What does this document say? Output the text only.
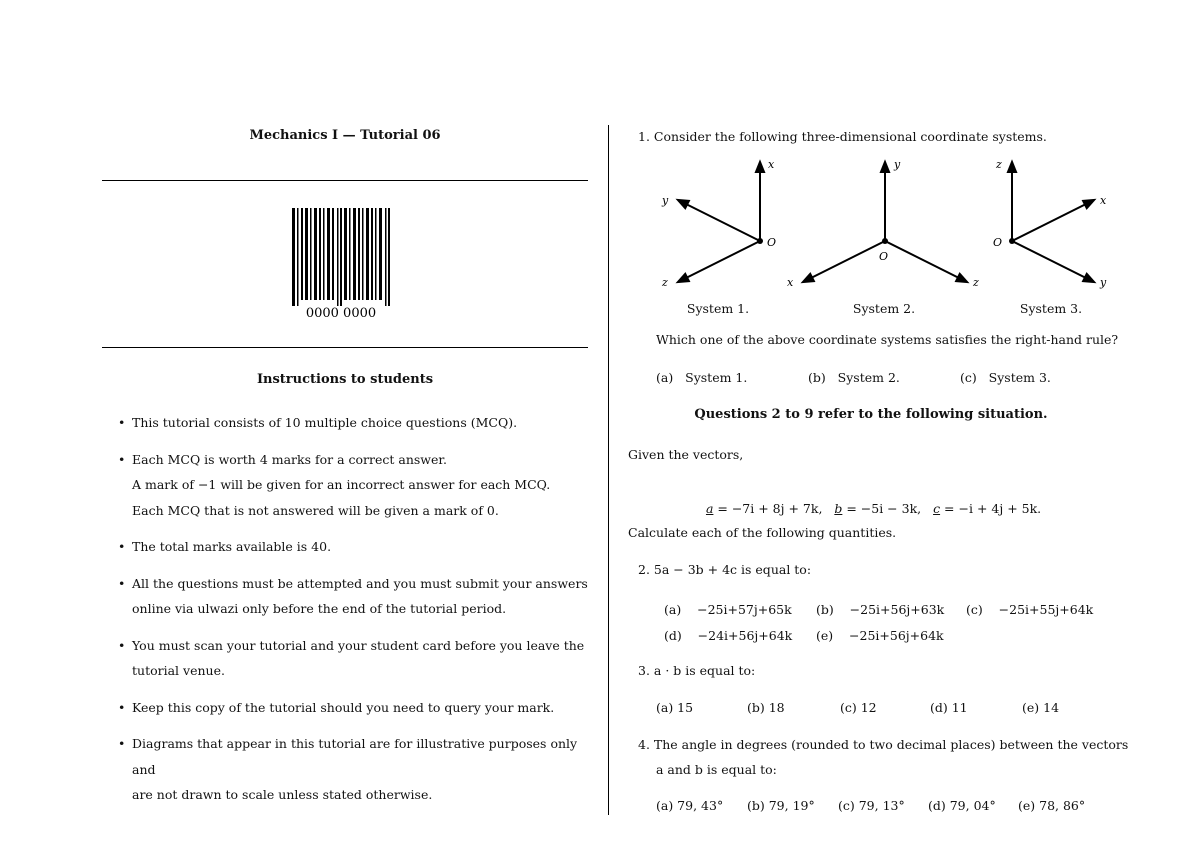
Mechanics I — Tutorial 06
0000 0000
Instructions to students
• This tutorial consists of 10 multiple choice questions (MCQ).
• Each MCQ is worth 4 marks for a correct answer.
A mark of −1 will be given for an incorrect answer for each MCQ.
Each MCQ that is not answered will be given a mark of 0.
• The total marks available is 40.
• All the questions must be attempted and you must submit your answers
online via ulwazi only before the end of the tutorial period.
• You must scan your tutorial and your student card before you leave the
tutorial venue.
• Keep this copy of the tutorial should you need to query your mark.
• Diagrams that appear in this tutorial are for illustrative purposes only and
are not drawn to scale unless stated otherwise.
1. Consider the following three-dimensional coordinate systems.
x
y
z
O
y
x	z
O
z
x
y
O
System 1.	System 2.	System 3.
Which one of the above coordinate systems satisfies the right-hand rule?
(a)   System 1.	(b)   System 2.	(c)   System 3.
Questions 2 to 9 refer to the following situation.
Given the vectors,

a = −7i + 8j + 7k, b = −5i − 3k, c = −i + 4j + 5k.

Calculate each of the following quantities.
2. 5a − 3b + 4c is equal to:
(a)    −25i+57j+65k (b)    −25i+56j+63k (c)    −25i+55j+64k
(d)    −24i+56j+64k (e)    −25i+56j+64k
3. a · b is equal to:
(a) 15	(b) 18	(c) 12	(d) 11	(e) 14
4. The angle in degrees (rounded to two decimal places) between the vectors
a and b is equal to:
(a) 79, 43° (b) 79, 19° (c) 79, 13° (d) 79, 04° (e) 78, 86°
